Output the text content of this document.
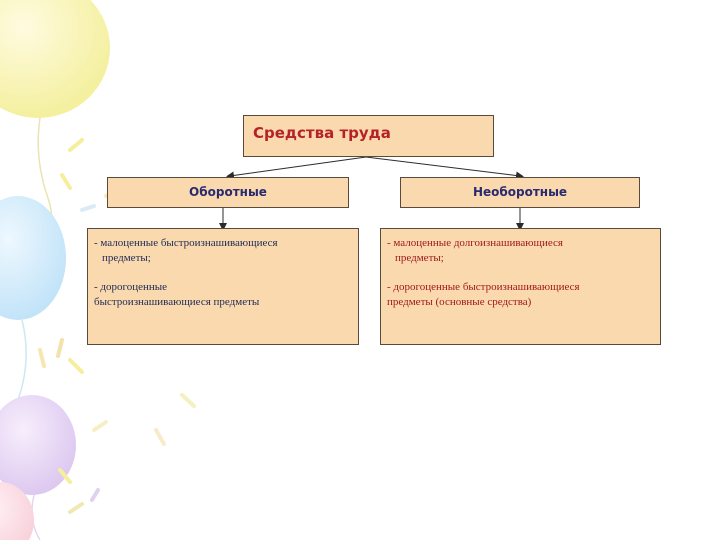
Средства труда
Оборотные	Необоротные

- малоценные быстроизнашивающиеся
предметы;

- дорогоценные
быстроизнашивающиеся предметы

- малоценные долгоизнашивающиеся
предметы;

- дорогоценные быстроизнашивающиеся
предметы (основные средства)
